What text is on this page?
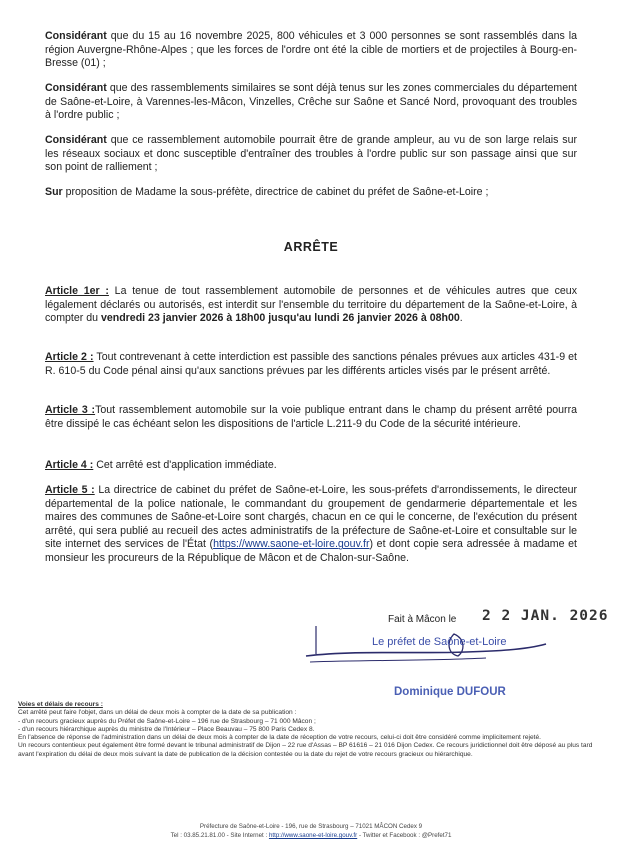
Considérant que du 15 au 16 novembre 2025, 800 véhicules et 3 000 personnes se sont rassemblés dans la région Auvergne-Rhône-Alpes ; que les forces de l'ordre ont été la cible de mortiers et de projectiles à Bourg-en-Bresse (01) ;

Considérant que des rassemblements similaires se sont déjà tenus sur les zones commerciales du département de Saône-et-Loire, à Varennes-les-Mâcon, Vinzelles, Crêche sur Saône et Sancé Nord, provoquant des troubles à l'ordre public ;

Considérant que ce rassemblement automobile pourrait être de grande ampleur, au vu de son large relais sur les réseaux sociaux et donc susceptible d'entraîner des troubles à l'ordre public sur son passage ainsi que sur son point de ralliement ;

Sur proposition de Madame la sous-préfète, directrice de cabinet du préfet de Saône-et-Loire ;

ARRÊTE

Article 1er : La tenue de tout rassemblement automobile de personnes et de véhicules autres que ceux légalement déclarés ou autorisés, est interdit sur l'ensemble du territoire du département de la Saône-et-Loire, à compter du vendredi 23 janvier 2026 à 18h00 jusqu'au lundi 26 janvier 2026 à 08h00.

Article 2 : Tout contrevenant à cette interdiction est passible des sanctions pénales prévues aux articles 431-9 et R. 610-5 du Code pénal ainsi qu'aux sanctions prévues par les différents articles visés par le présent arrêté.

Article 3 :Tout rassemblement automobile sur la voie publique entrant dans le champ du présent arrêté pourra être dissipé le cas échéant selon les dispositions de l'article L.211-9 du Code de la sécurité intérieure.

Article 4 : Cet arrêté est d'application immédiate.

Article 5 : La directrice de cabinet du préfet de Saône-et-Loire, les sous-préfets d'arrondissements, le directeur départemental de la police nationale, le commandant du groupement de gendarmerie départementale et les maires des communes de Saône-et-Loire sont chargés, chacun en ce qui le concerne, de l'exécution du présent arrêté, qui sera publié au recueil des actes administratifs de la préfecture de Saône-et-Loire et consultable sur le site internet des services de l'État (https://www.saone-et-loire.gouv.fr) et dont copie sera adressée à madame et monsieur les procureurs de la République de Mâcon et de Chalon-sur-Saône.

Fait à Mâcon le 2 2 JAN. 2026
Le préfet de Saône-et-Loire
Dominique DUFOUR
Voies et délais de recours :
Cet arrêté peut faire l'objet, dans un délai de deux mois à compter de la date de sa publication :
- d'un recours gracieux auprès du Préfet de Saône-et-Loire – 196 rue de Strasbourg – 71 000 Mâcon ;
- d'un recours hiérarchique auprès du ministre de l'Intérieur – Place Beauvau – 75 800 Paris Cedex 8.
En l'absence de réponse de l'administration dans un délai de deux mois à compter de la date de réception de votre recours, celui-ci doit être considéré comme implicitement rejeté.
Un recours contentieux peut également être formé devant le tribunal administratif de Dijon – 22 rue d'Assas – BP 61616 – 21 016 Dijon Cedex. Ce recours juridictionnel doit être déposé au plus tard avant l'expiration du délai de deux mois suivant la date de publication de la décision contestée ou la date du rejet de votre recours gracieux ou hiérarchique.
Préfecture de Saône-et-Loire - 196, rue de Strasbourg – 71021 MÂCON Cedex 9
Tel : 03.85.21.81.00 - Site Internet : http://www.saone-et-loire.gouv.fr - Twitter et Facebook : @Prefet71
